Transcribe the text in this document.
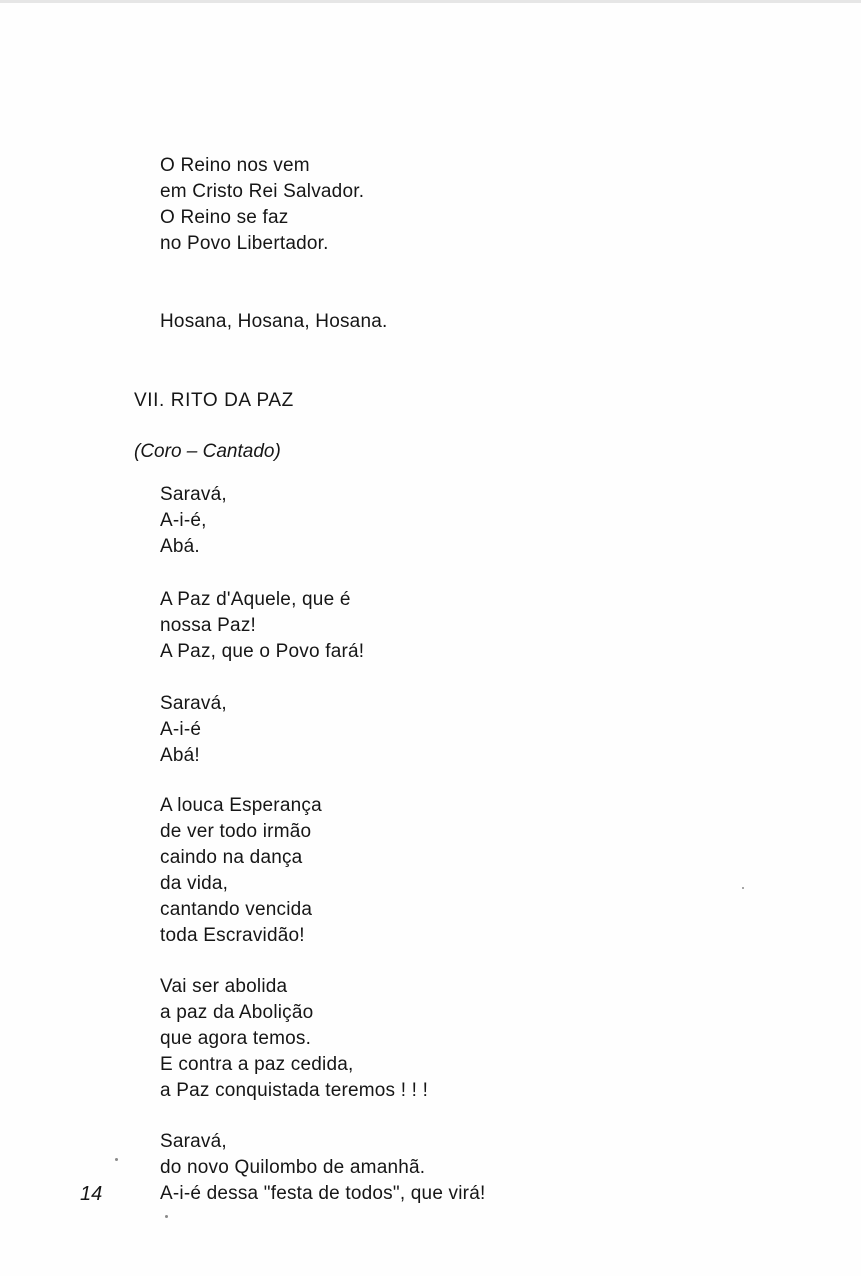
O Reino nos vem
em Cristo Rei Salvador.
O Reino se faz
no Povo Libertador.
Hosana, Hosana, Hosana.
VII. RITO DA PAZ
(Coro – Cantado)
Saravá,
A-i-é,
Abá.
A Paz d'Aquele, que é
nossa Paz!
A Paz, que o Povo fará!
Saravá,
A-i-é
Abá!
A louca Esperança
de ver todo irmão
caindo na dança
da vida,
cantando vencida
toda Escravidão!
Vai ser abolida
a paz da Abolição
que agora temos.
E contra a paz cedida,
a Paz conquistada teremos ! ! !
Saravá,
do novo Quilombo de amanhã.
A-i-é dessa "festa de todos", que virá!
14
